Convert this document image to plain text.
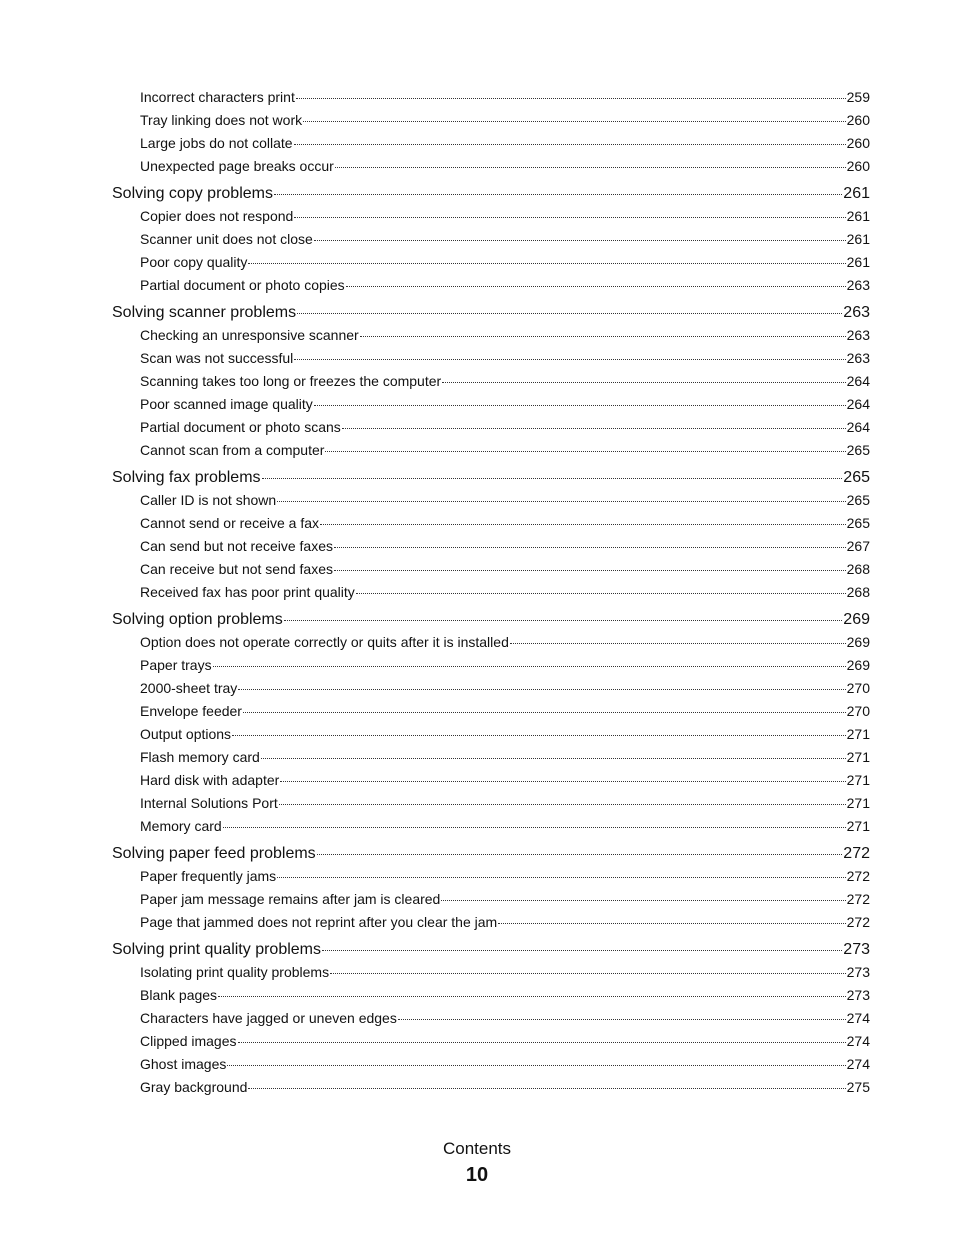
Incorrect characters print	259
Tray linking does not work	260
Large jobs do not collate	260
Unexpected page breaks occur	260
Solving copy problems	261
Copier does not respond	261
Scanner unit does not close	261
Poor copy quality	261
Partial document or photo copies	263
Solving scanner problems	263
Checking an unresponsive scanner	263
Scan was not successful	263
Scanning takes too long or freezes the computer	264
Poor scanned image quality	264
Partial document or photo scans	264
Cannot scan from a computer	265
Solving fax problems	265
Caller ID is not shown	265
Cannot send or receive a fax	265
Can send but not receive faxes	267
Can receive but not send faxes	268
Received fax has poor print quality	268
Solving option problems	269
Option does not operate correctly or quits after it is installed	269
Paper trays	269
2000-sheet tray	270
Envelope feeder	270
Output options	271
Flash memory card	271
Hard disk with adapter	271
Internal Solutions Port	271
Memory card	271
Solving paper feed problems	272
Paper frequently jams	272
Paper jam message remains after jam is cleared	272
Page that jammed does not reprint after you clear the jam	272
Solving print quality problems	273
Isolating print quality problems	273
Blank pages	273
Characters have jagged or uneven edges	274
Clipped images	274
Ghost images	274
Gray background	275
Contents
10
